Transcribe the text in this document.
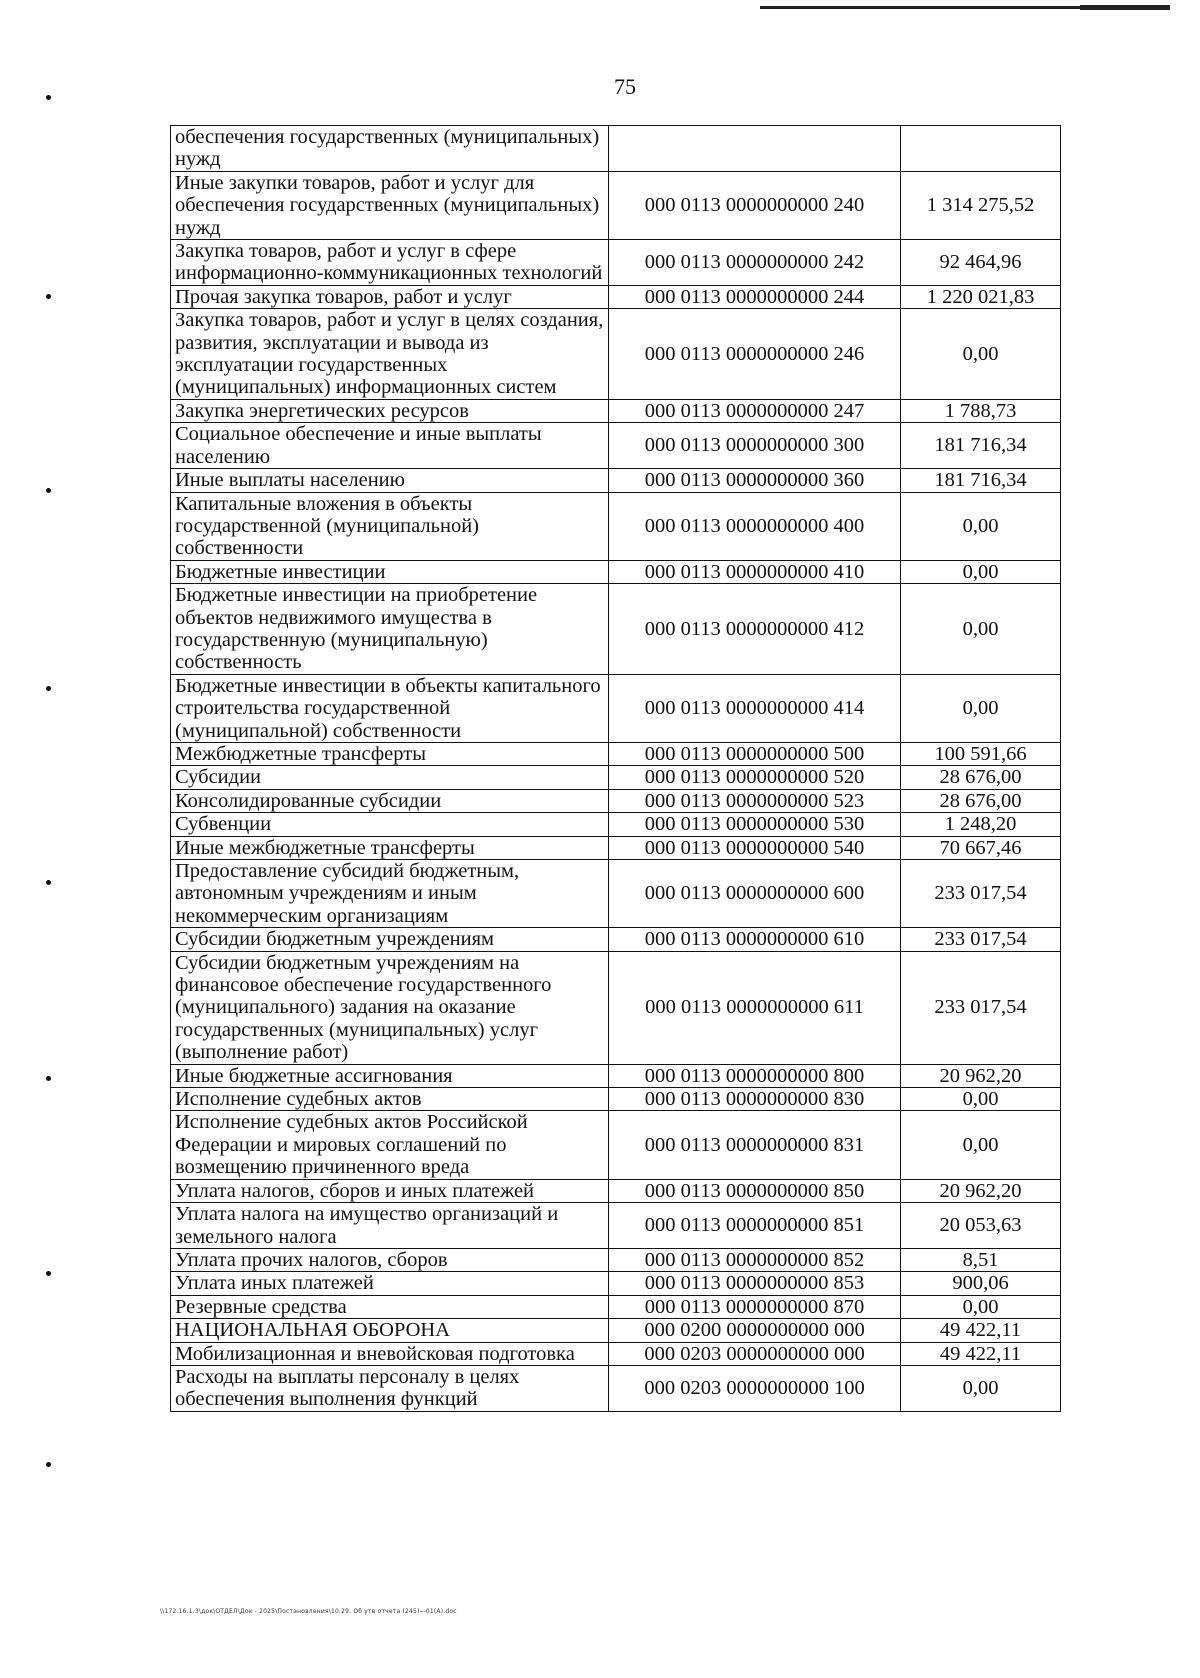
75
обеспечения государственных (муниципальных) нужд		
Иные закупки товаров, работ и услуг для обеспечения государственных (муниципальных) нужд	000 0113 0000000000 240	1 314 275,52
Закупка товаров, работ и услуг в сфере информационно-коммуникационных технологий	000 0113 0000000000 242	92 464,96
Прочая закупка товаров, работ и услуг	000 0113 0000000000 244	1 220 021,83
Закупка товаров, работ и услуг в целях создания, развития, эксплуатации и вывода из эксплуатации государственных (муниципальных) информационных систем	000 0113 0000000000 246	0,00
Закупка энергетических ресурсов	000 0113 0000000000 247	1 788,73
Социальное обеспечение и иные выплаты населению	000 0113 0000000000 300	181 716,34
Иные выплаты населению	000 0113 0000000000 360	181 716,34
Капитальные вложения в объекты государственной (муниципальной) собственности	000 0113 0000000000 400	0,00
Бюджетные инвестиции	000 0113 0000000000 410	0,00
Бюджетные инвестиции на приобретение объектов недвижимого имущества в государственную (муниципальную) собственность	000 0113 0000000000 412	0,00
Бюджетные инвестиции в объекты капитального строительства государственной (муниципальной) собственности	000 0113 0000000000 414	0,00
Межбюджетные трансферты	000 0113 0000000000 500	100 591,66
Субсидии	000 0113 0000000000 520	28 676,00
Консолидированные субсидии	000 0113 0000000000 523	28 676,00
Субвенции	000 0113 0000000000 530	1 248,20
Иные межбюджетные трансферты	000 0113 0000000000 540	70 667,46
Предоставление субсидий бюджетным, автономным учреждениям и иным некоммерческим организациям	000 0113 0000000000 600	233 017,54
Субсидии бюджетным учреждениям	000 0113 0000000000 610	233 017,54
Субсидии бюджетным учреждениям на финансовое обеспечение государственного (муниципального) задания на оказание государственных (муниципальных) услуг (выполнение работ)	000 0113 0000000000 611	233 017,54
Иные бюджетные ассигнования	000 0113 0000000000 800	20 962,20
Исполнение судебных актов	000 0113 0000000000 830	0,00
Исполнение судебных актов Российской Федерации и мировых соглашений по возмещению причиненного вреда	000 0113 0000000000 831	0,00
Уплата налогов, сборов и иных платежей	000 0113 0000000000 850	20 962,20
Уплата налога на имущество организаций и земельного налога	000 0113 0000000000 851	20 053,63
Уплата прочих налогов, сборов	000 0113 0000000000 852	8,51
Уплата иных платежей	000 0113 0000000000 853	900,06
Резервные средства	000 0113 0000000000 870	0,00
НАЦИОНАЛЬНАЯ ОБОРОНА	000 0200 0000000000 000	49 422,11
Мобилизационная и вневойсковая подготовка	000 0203 0000000000 000	49 422,11
Расходы на выплаты персоналу в целях обеспечения выполнения функций	000 0203 0000000000 100	0,00
\\172.16.1.3\док\ОТДЕЛ\Док - 2025\Постановления\10.29. Об утв отчета (245)—01(А).doc
